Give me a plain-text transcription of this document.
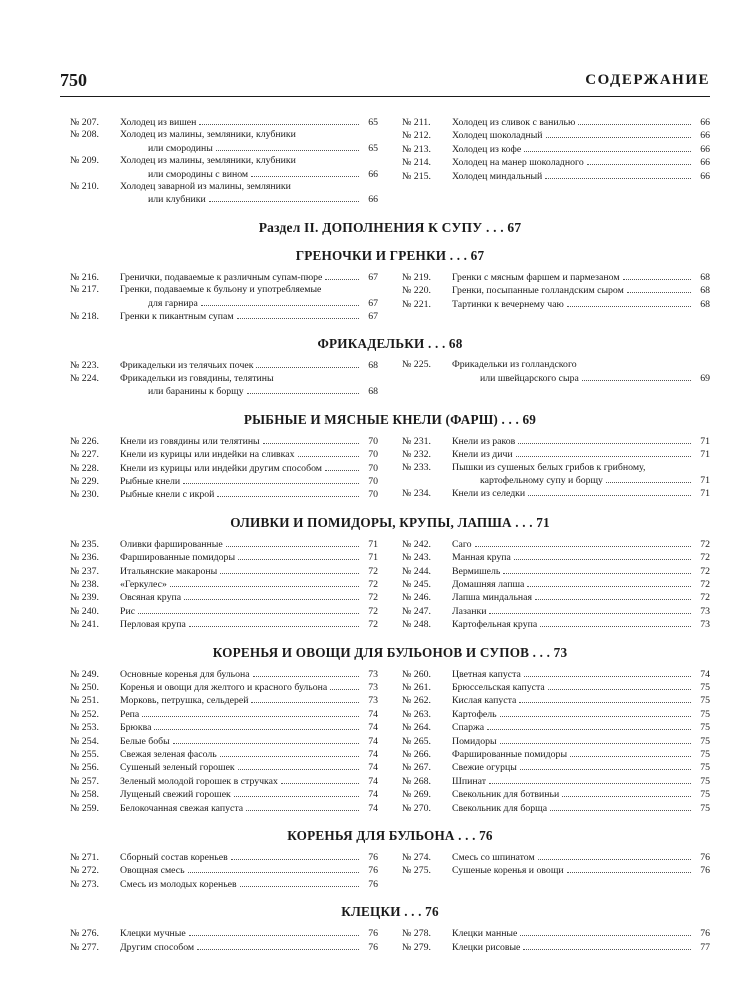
750	СОДЕРЖАНИЕ
№ 207.	Холодец из вишен	65
№ 208.	Холодец из малины, земляники, клубники
или смородины	65
№ 209.	Холодец из малины, земляники, клубники
или смородины с вином	66
№ 210.	Холодец заварной из малины, земляники
или клубники	66
№ 211.	Холодец из сливок с ванилью	66
№ 212.	Холодец шоколадный	66
№ 213.	Холодец из кофе	66
№ 214.	Холодец на манер шоколадного	66
№ 215.	Холодец миндальный	66
Раздел II. ДОПОЛНЕНИЯ К СУПУ . . . 67
ГРЕНОЧКИ И ГРЕНКИ . . . 67
№ 216.	Гренички, подаваемые к различным супам-пюре	67
№ 217.	Гренки, подаваемые к бульону и употребляемые
для гарнира	67
№ 218.	Гренки к пикантным супам	67
№ 219.	Гренки с мясным фаршем и пармезаном	68
№ 220.	Гренки, посыпанные голландским сыром	68
№ 221.	Тартинки к вечернему чаю	68
ФРИКАДЕЛЬКИ . . . 68
№ 223.	Фрикадельки из телячьих почек	68
№ 224.	Фрикадельки из говядины, телятины
или баранины к борщу	68
№ 225.	Фрикадельки из голландского
или швейцарского сыра	69
РЫБНЫЕ И МЯСНЫЕ КНЕЛИ (ФАРШ) . . . 69
№ 226.	Кнели из говядины или телятины	70
№ 227.	Кнели из курицы или индейки на сливках	70
№ 228.	Кнели из курицы или индейки другим способом	70
№ 229.	Рыбные кнели	70
№ 230.	Рыбные кнели с икрой	70
№ 231.	Кнели из раков	71
№ 232.	Кнели из дичи	71
№ 233.	Пышки из сушеных белых грибов к грибному,
картофельному супу и борщу	71
№ 234.	Кнели из селедки	71
ОЛИВКИ И ПОМИДОРЫ, КРУПЫ, ЛАПША . . . 71
№ 235.	Оливки фаршированные	71
№ 236.	Фаршированные помидоры	71
№ 237.	Итальянские макароны	72
№ 238.	«Геркулес»	72
№ 239.	Овсяная крупа	72
№ 240.	Рис	72
№ 241.	Перловая крупа	72
№ 242.	Саго	72
№ 243.	Манная крупа	72
№ 244.	Вермишель	72
№ 245.	Домашняя лапша	72
№ 246.	Лапша миндальная	72
№ 247.	Лазанки	73
№ 248.	Картофельная крупа	73
КОРЕНЬЯ И ОВОЩИ ДЛЯ БУЛЬОНОВ И СУПОВ . . . 73
№ 249.	Основные коренья для бульона	73
№ 250.	Коренья и овощи для желтого и красного бульона	73
№ 251.	Морковь, петрушка, сельдерей	73
№ 252.	Репа	74
№ 253.	Брюква	74
№ 254.	Белые бобы	74
№ 255.	Свежая зеленая фасоль	74
№ 256.	Сушеный зеленый горошек	74
№ 257.	Зеленый молодой горошек в стручках	74
№ 258.	Лущеный свежий горошек	74
№ 259.	Белокочанная свежая капуста	74
№ 260.	Цветная капуста	74
№ 261.	Брюссельская капуста	75
№ 262.	Кислая капуста	75
№ 263.	Картофель	75
№ 264.	Спаржа	75
№ 265.	Помидоры	75
№ 266.	Фаршированные помидоры	75
№ 267.	Свежие огурцы	75
№ 268.	Шпинат	75
№ 269.	Свекольник для ботвиньи	75
№ 270.	Свекольник для борща	75
КОРЕНЬЯ ДЛЯ БУЛЬОНА . . . 76
№ 271.	Сборный состав кореньев	76
№ 272.	Овощная смесь	76
№ 273.	Смесь из молодых кореньев	76
№ 274.	Смесь со шпинатом	76
№ 275.	Сушеные коренья и овощи	76
КЛЕЦКИ . . . 76
№ 276.	Клецки мучные	76
№ 277.	Другим способом	76
№ 278.	Клецки манные	76
№ 279.	Клецки рисовые	77
